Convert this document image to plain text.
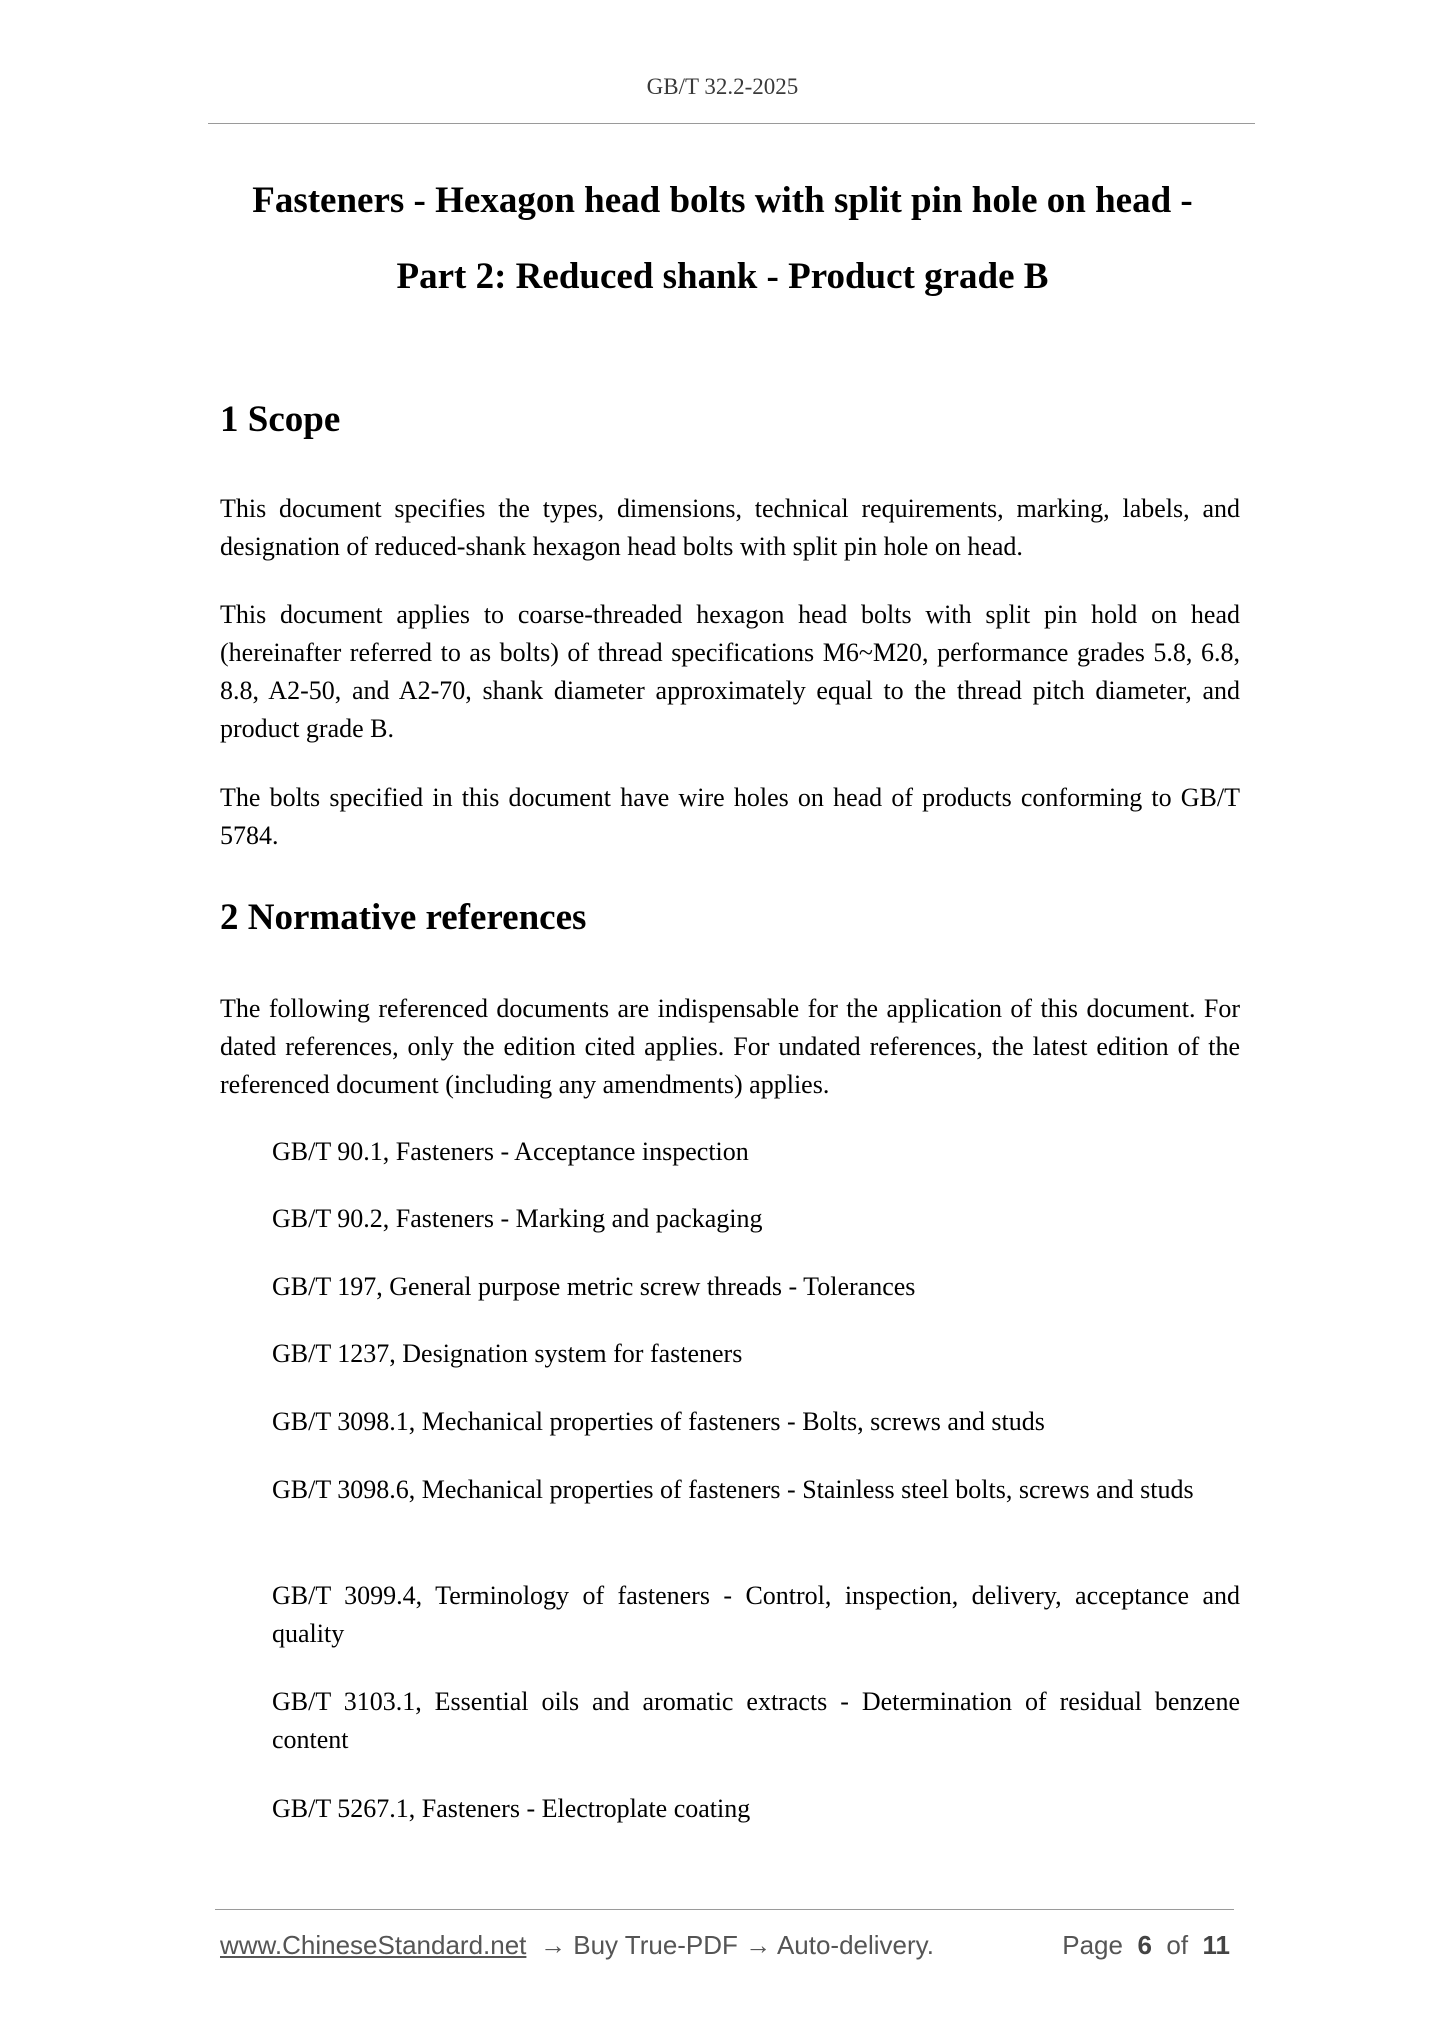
GB/T 32.2-2025
Fasteners - Hexagon head bolts with split pin hole on head -
Part 2: Reduced shank - Product grade B
1 Scope

This document specifies the types, dimensions, technical requirements, marking, labels, and designation of reduced-shank hexagon head bolts with split pin hole on head.

This document applies to coarse-threaded hexagon head bolts with split pin hold on head (hereinafter referred to as bolts) of thread specifications M6~M20, performance grades 5.8, 6.8, 8.8, A2-50, and A2-70, shank diameter approximately equal to the thread pitch diameter, and product grade B.

The bolts specified in this document have wire holes on head of products conforming to GB/T 5784.

2 Normative references

The following referenced documents are indispensable for the application of this document. For dated references, only the edition cited applies. For undated references, the latest edition of the referenced document (including any amendments) applies.

GB/T 90.1, Fasteners - Acceptance inspection

GB/T 90.2, Fasteners - Marking and packaging

GB/T 197, General purpose metric screw threads - Tolerances

GB/T 1237, Designation system for fasteners

GB/T 3098.1, Mechanical properties of fasteners - Bolts, screws and studs

GB/T 3098.6, Mechanical properties of fasteners - Stainless steel bolts, screws and studs

GB/T 3099.4, Terminology of fasteners - Control, inspection, delivery, acceptance and quality

GB/T 3103.1, Essential oils and aromatic extracts - Determination of residual benzene content

GB/T 5267.1, Fasteners - Electroplate coating

www.ChineseStandard.net → Buy True-PDF → Auto-delivery.	Page 6 of 11
